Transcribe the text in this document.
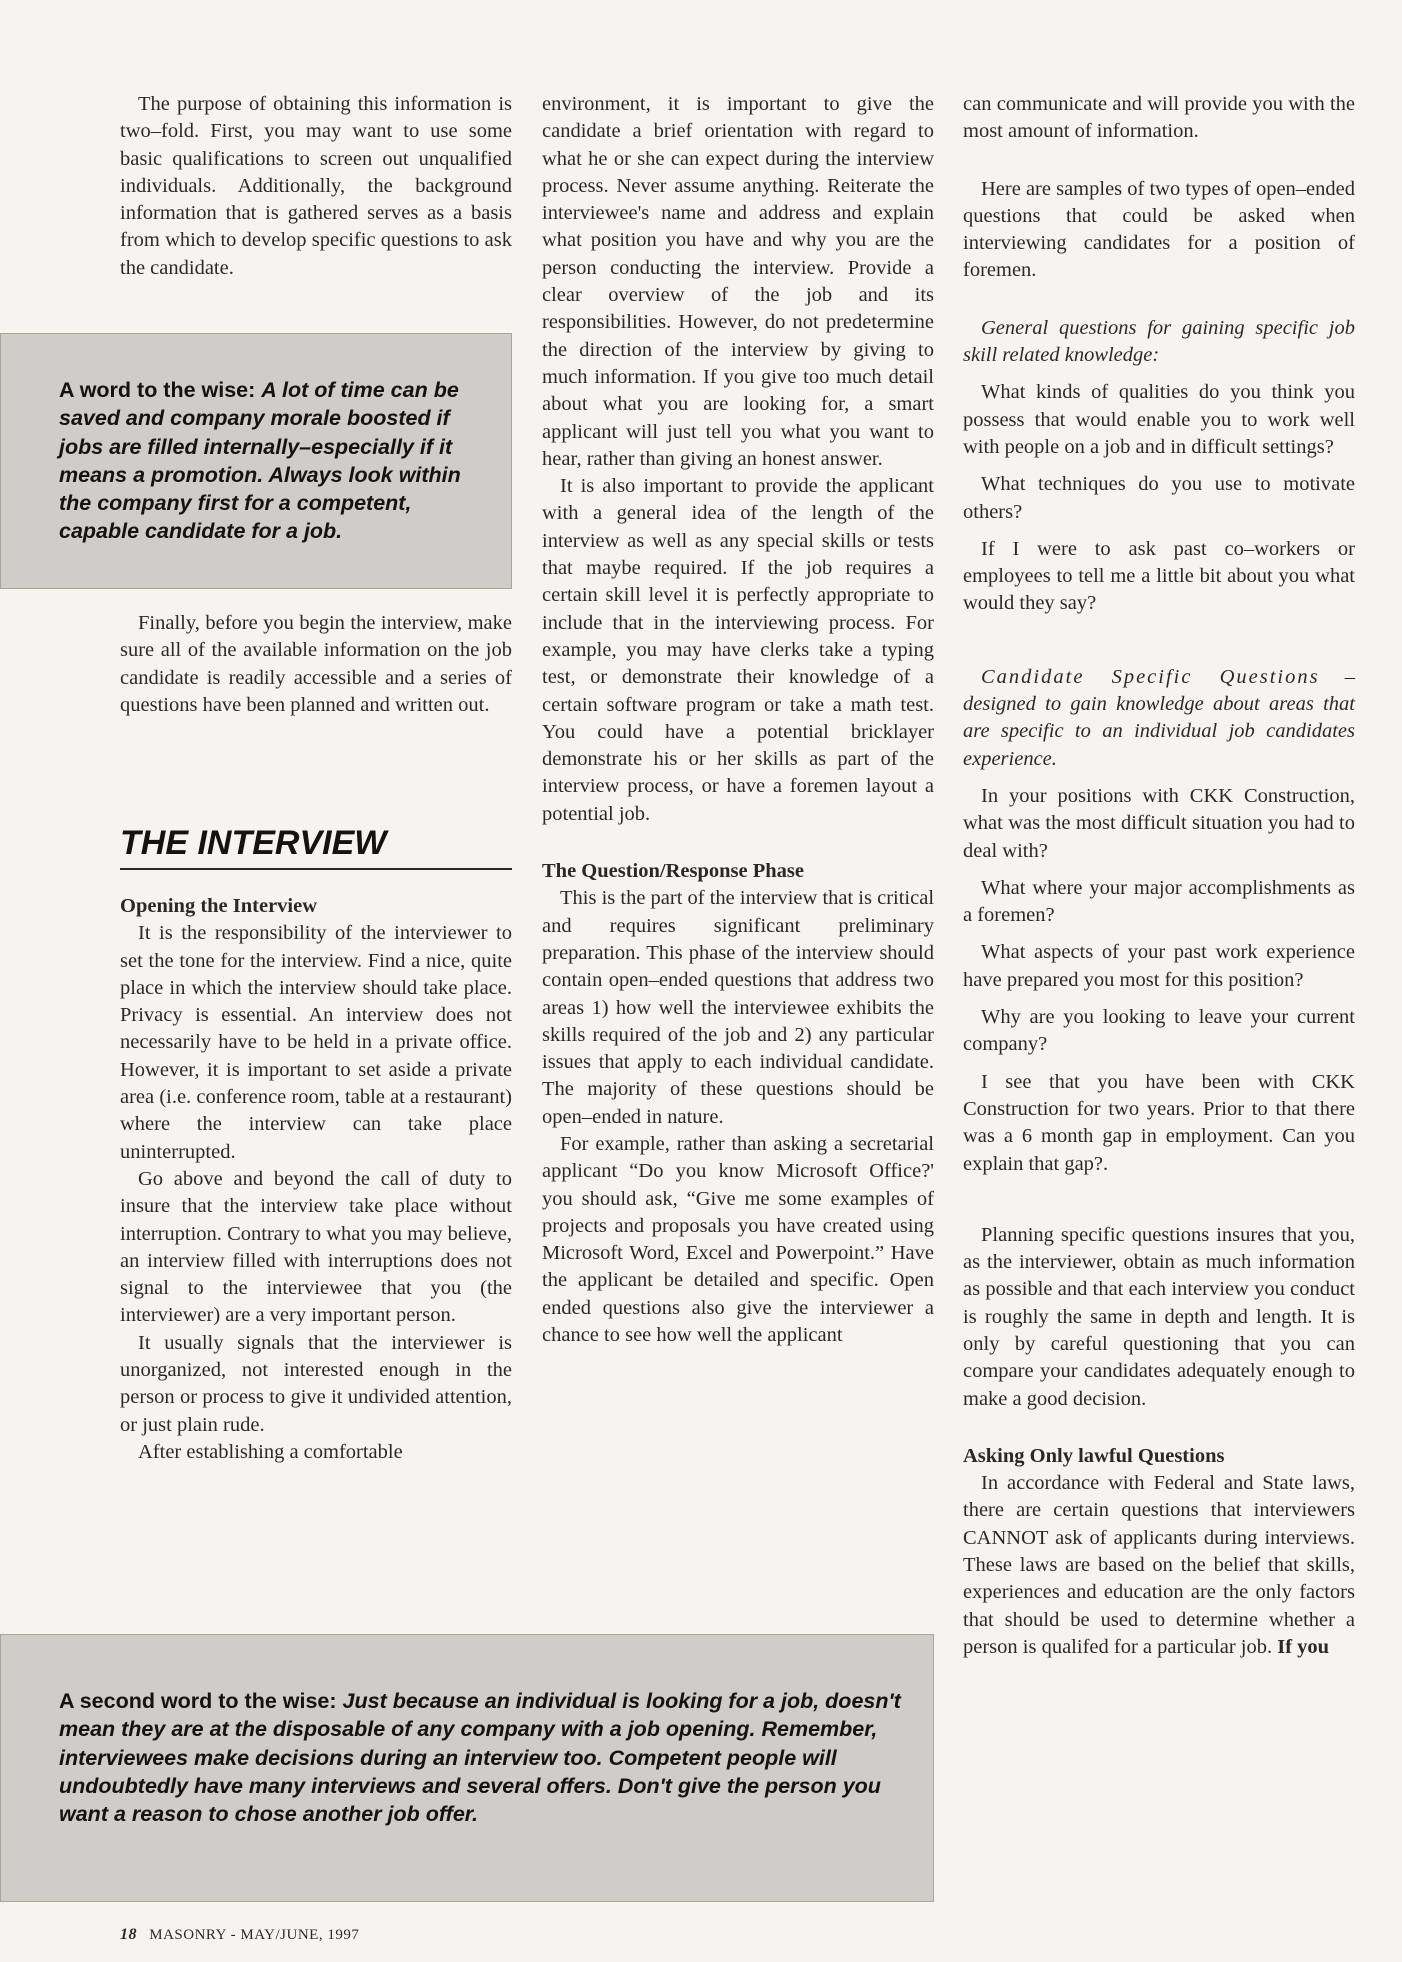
The purpose of obtaining this information is two–fold. First, you may want to use some basic qualifications to screen out unqualified individuals. Additionally, the background information that is gathered serves as a basis from which to develop specific questions to ask the candidate.

A word to the wise: A lot of time can be saved and company morale boosted if jobs are filled internally–especially if it means a promotion. Always look within the company first for a competent, capable candidate for a job.

Finally, before you begin the interview, make sure all of the available information on the job candidate is readily accessible and a series of questions have been planned and written out.

THE INTERVIEW

Opening the Interview

It is the responsibility of the interviewer to set the tone for the interview. Find a nice, quite place in which the interview should take place. Privacy is essential. An interview does not necessarily have to be held in a private office. However, it is important to set aside a private area (i.e. conference room, table at a restaurant) where the interview can take place uninterrupted.

Go above and beyond the call of duty to insure that the interview take place without interruption. Contrary to what you may believe, an interview filled with interruptions does not signal to the interviewee that you (the interviewer) are a very important person.

It usually signals that the interviewer is unorganized, not interested enough in the person or process to give it undivided attention, or just plain rude.

After establishing a comfortable

environment, it is important to give the candidate a brief orientation with regard to what he or she can expect during the interview process. Never assume anything. Reiterate the interviewee's name and address and explain what position you have and why you are the person conducting the interview. Provide a clear overview of the job and its responsibilities. However, do not predetermine the direction of the interview by giving to much information. If you give too much detail about what you are looking for, a smart applicant will just tell you what you want to hear, rather than giving an honest answer.

It is also important to provide the applicant with a general idea of the length of the interview as well as any special skills or tests that maybe required. If the job requires a certain skill level it is perfectly appropriate to include that in the interviewing process. For example, you may have clerks take a typing test, or demonstrate their knowledge of a certain software program or take a math test. You could have a potential bricklayer demonstrate his or her skills as part of the interview process, or have a foremen layout a potential job.

The Question/Response Phase

This is the part of the interview that is critical and requires significant preliminary preparation. This phase of the interview should contain open–ended questions that address two areas 1) how well the interviewee exhibits the skills required of the job and 2) any particular issues that apply to each individual candidate. The majority of these questions should be open–ended in nature.

For example, rather than asking a secretarial applicant “Do you know Microsoft Office?' you should ask, “Give me some examples of projects and proposals you have created using Microsoft Word, Excel and Powerpoint.” Have the applicant be detailed and specific. Open ended questions also give the interviewer a chance to see how well the applicant

can communicate and will provide you with the most amount of information.

Here are samples of two types of open–ended questions that could be asked when interviewing candidates for a position of foremen.

General questions for gaining specific job skill related knowledge:

What kinds of qualities do you think you possess that would enable you to work well with people on a job and in difficult settings?

What techniques do you use to motivate others?

If I were to ask past co–workers or employees to tell me a little bit about you what would they say?

Candidate Specific Questions –designed to gain knowledge about areas that are specific to an individual job candidates experience.

In your positions with CKK Construction, what was the most difficult situation you had to deal with?

What where your major accomplishments as a foremen?

What aspects of your past work experience have prepared you most for this position?

Why are you looking to leave your current company?

I see that you have been with CKK Construction for two years. Prior to that there was a 6 month gap in employment. Can you explain that gap?.

Planning specific questions insures that you, as the interviewer, obtain as much information as possible and that each interview you conduct is roughly the same in depth and length. It is only by careful questioning that you can compare your candidates adequately enough to make a good decision.

Asking Only lawful Questions

In accordance with Federal and State laws, there are certain questions that interviewers CANNOT ask of applicants during interviews. These laws are based on the belief that skills, experiences and education are the only factors that should be used to determine whether a person is qualifed for a particular job. If you

A second word to the wise: Just because an individual is looking for a job, doesn't mean they are at the disposable of any company with a job opening. Remember, interviewees make decisions during an interview too. Competent people will undoubtedly have many interviews and several offers. Don't give the person you want a reason to chose another job offer.
18 MASONRY - MAY/JUNE, 1997
